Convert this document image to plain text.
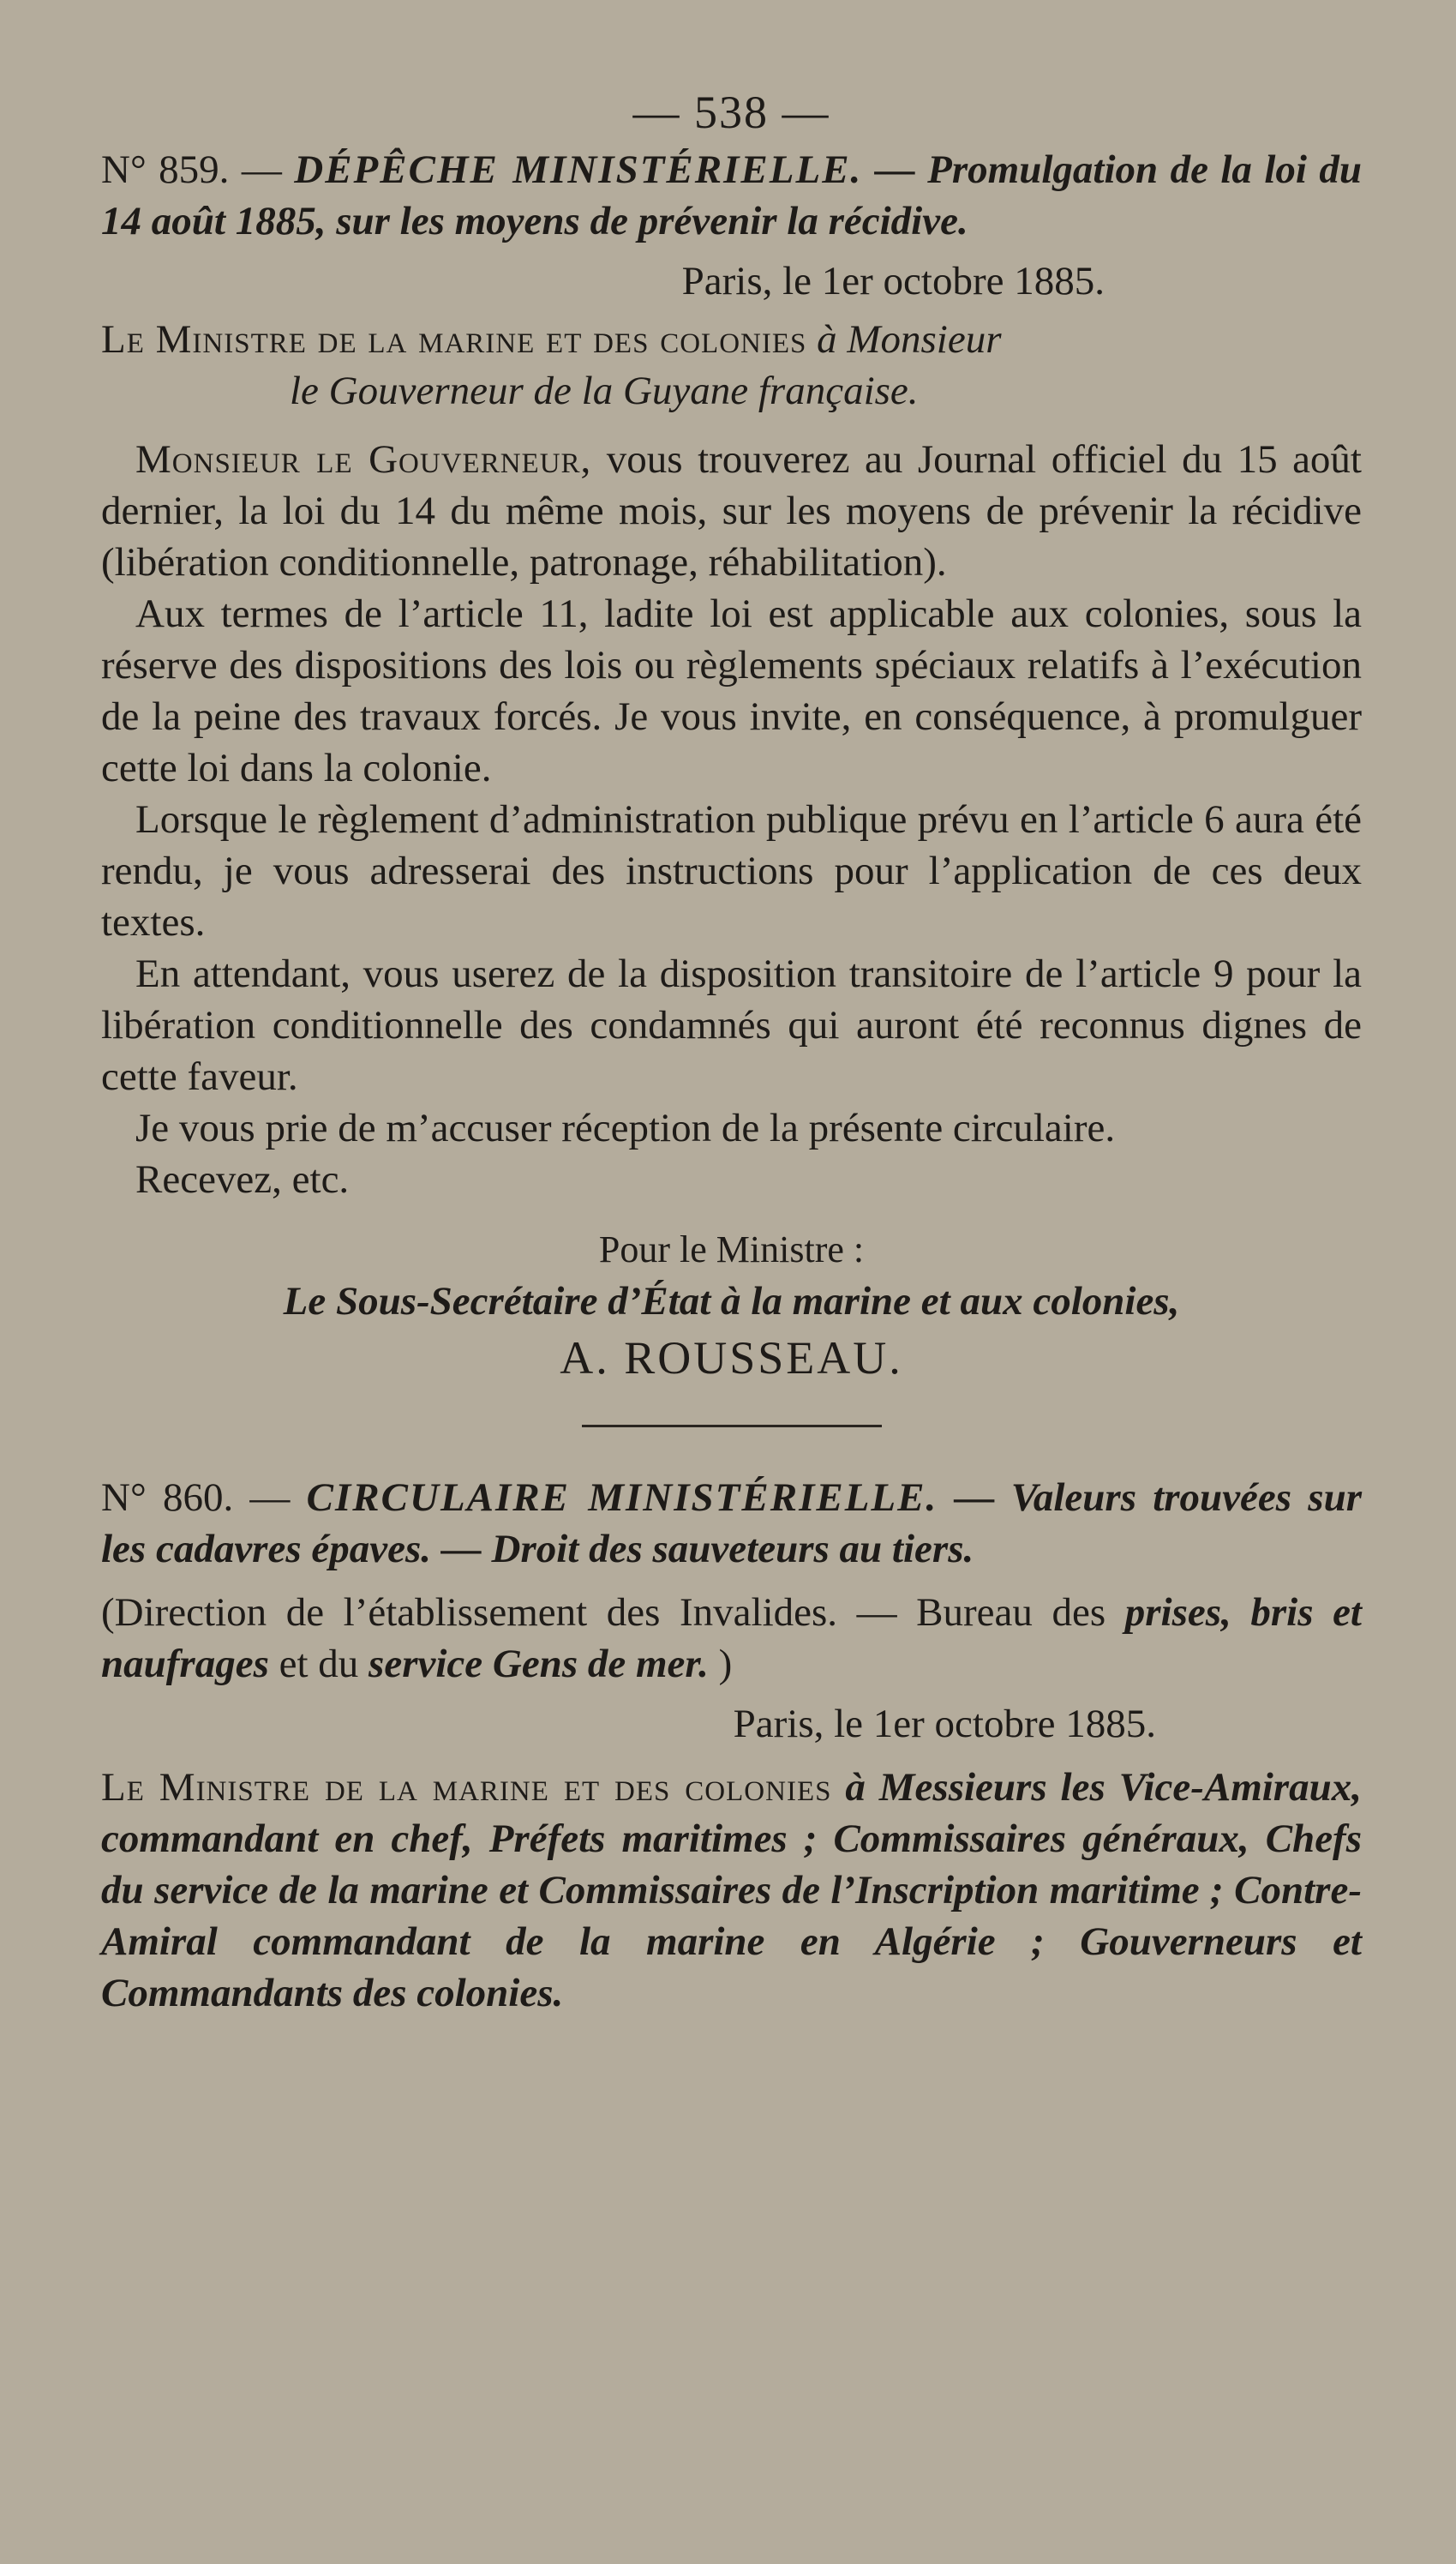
— 538 —

N° 859. — DÉPÊCHE MINISTÉRIELLE. — Promulgation de la loi du 14 août 1885, sur les moyens de prévenir la récidive.

Paris, le 1er octobre 1885.

Le Ministre de la marine et des colonies à Monsieur
le Gouverneur de la Guyane française.

Monsieur le Gouverneur, vous trouverez au Journal officiel du 15 août dernier, la loi du 14 du même mois, sur les moyens de prévenir la récidive (libération conditionnelle, patronage, réhabilitation).

Aux termes de l’article 11, ladite loi est applicable aux colonies, sous la réserve des dispositions des lois ou règlements spéciaux relatifs à l’exécution de la peine des travaux forcés. Je vous invite, en conséquence, à promulguer cette loi dans la colonie.

Lorsque le règlement d’administration publique prévu en l’article 6 aura été rendu, je vous adresserai des instructions pour l’application de ces deux textes.

En attendant, vous userez de la disposition transitoire de l’article 9 pour la libération conditionnelle des condamnés qui auront été reconnus dignes de cette faveur.

Je vous prie de m’accuser réception de la présente circulaire.

Recevez, etc.

Pour le Ministre :
Le Sous-Secrétaire d’État à la marine et aux colonies,
A. ROUSSEAU.

N° 860. — CIRCULAIRE MINISTÉRIELLE. — Valeurs trouvées sur les cadavres épaves. — Droit des sauveteurs au tiers.

(Direction de l’établissement des Invalides. — Bureau des prises, bris et naufrages et du service Gens de mer. )

Paris, le 1er octobre 1885.

Le Ministre de la marine et des colonies à Messieurs les Vice-Amiraux, commandant en chef, Préfets maritimes ; Commissaires généraux, Chefs du service de la marine et Commissaires de l’Inscription maritime ; Contre-Amiral commandant de la marine en Algérie ; Gouverneurs et Commandants des colonies.
